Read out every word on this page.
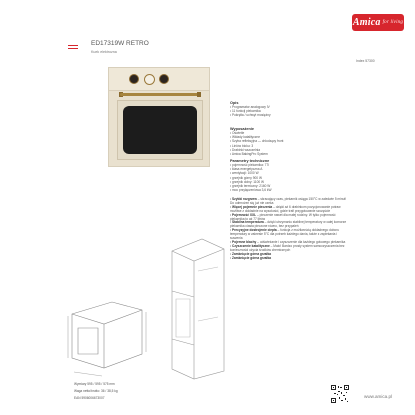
Amica for living
ED17319W RETRO
Kuek elektrozna
Index 57300
Opis
• Programator analogowy IV
• 11 funkcji piekarnika
• Pokrętła / uchwyt mosiężny
Wyposażenie
• Oświetle
• Wkłady katalityczne
• Szyba refleksyjna — chłodzący front
• Liniów bloku: 3
• Drabinki wszczelnia
• Amica BakingPro System
Parametry techniczne
• pojemność piekarnika: 77l
• klasa energetyczna A
• wentylacji: 1000 W
• grzejnik górny 900 W
• grzejnik dolny: 1100 W
• grzejnik termiczny: 2160 W
• moc przyłączeniowa 3,6 kW
• Szybki rozgrzew – skracający czas, piekarnik osiąga 150°C w zaledwie 5 minut! Do odmrożeń się już nie czeka
• Więcej pojemnie pieczenia – dzięki aż 6 drabinkom pozycjonowanie potraw możliwe z dokładnie na wysokości, gdzie trafi przygotowanie szczęście
• Pojemność XXL – pieczenie nawet dla małej rodziny. W tylko pojemność piekarnika to aż 77 litrów
• Stabilna temperatura – dzięki utrzymaniu stabilnej temperatury w całej komorze piekarnika ciasta pieczone równo, bez przypaleń
• Precyzyjne dostrojenie ciepła – funkcja z możliwością dokładnego doboru temperatury w zakresie 5°C dla potrzeb każdego dania, także z zapiekania i suszenia
• Pojemne blachy – odświeżanie i czyszczenie dla każdego gotowego piekarnika
• Czyszczenie katalityczne – Mało! Bardzo prosty system samoczyszczenia bez konieczności użycia środków chemicznych
• Zamknięcie górna grzałka
• Zamknięcie górna grzałka
Wymiary 595 / 595 / 575 mm
Waga netto/brutto: 36 / 38,5 kg
EAN 5906006673007	www.amica.pl
